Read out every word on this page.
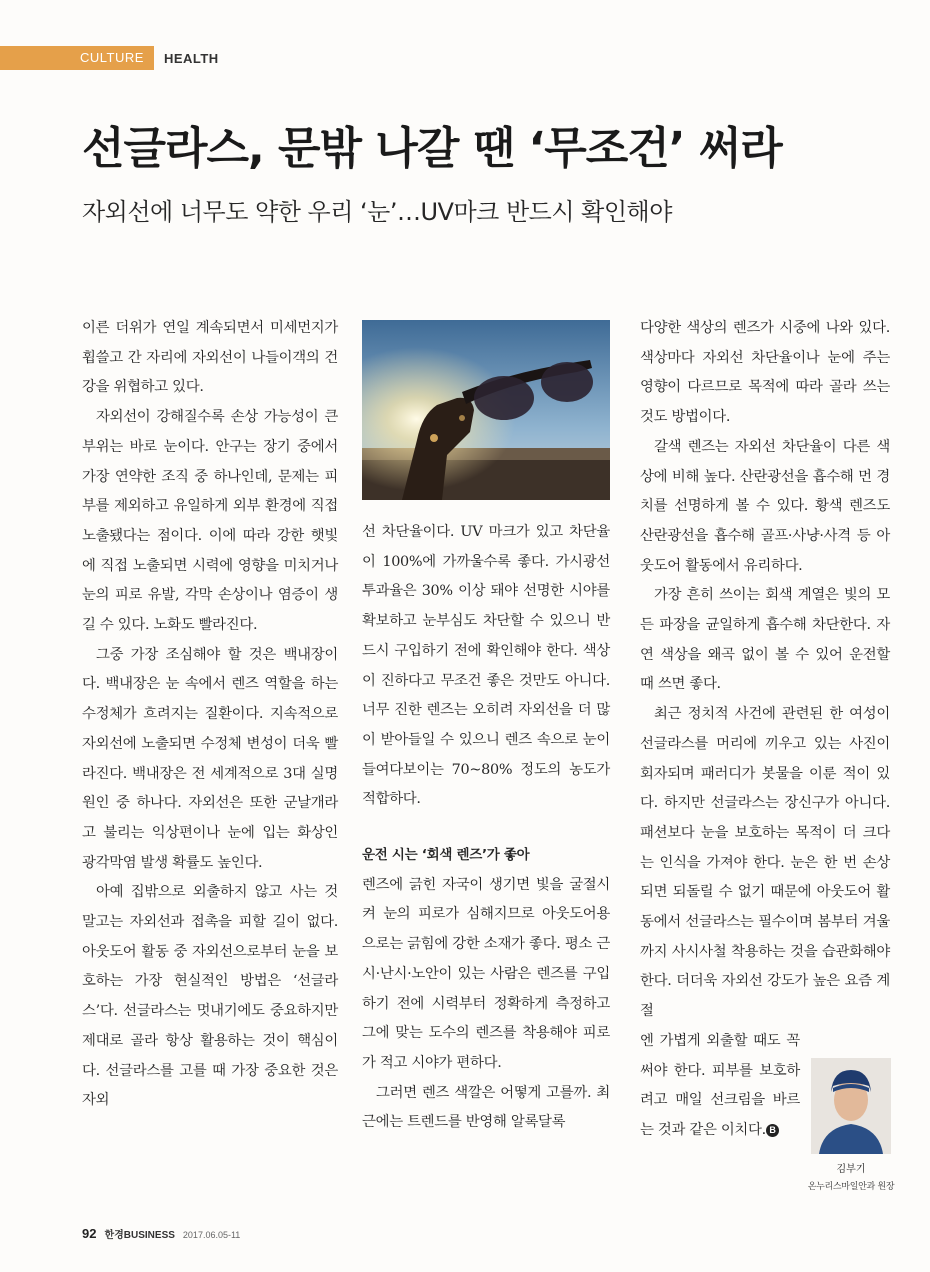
CULTURE	HEALTH
선글라스, 문밖 나갈 땐 ‘무조건’ 써라
자외선에 너무도 약한 우리 ‘눈’…UV마크 반드시 확인해야

이른 더위가 연일 계속되면서 미세먼지가 휩쓸고 간 자리에 자외선이 나들이객의 건강을 위협하고 있다.

자외선이 강해질수록 손상 가능성이 큰 부위는 바로 눈이다. 안구는 장기 중에서 가장 연약한 조직 중 하나인데, 문제는 피부를 제외하고 유일하게 외부 환경에 직접 노출됐다는 점이다. 이에 따라 강한 햇빛에 직접 노출되면 시력에 영향을 미치거나 눈의 피로 유발, 각막 손상이나 염증이 생길 수 있다. 노화도 빨라진다.

그중 가장 조심해야 할 것은 백내장이다. 백내장은 눈 속에서 렌즈 역할을 하는 수정체가 흐려지는 질환이다. 지속적으로 자외선에 노출되면 수정체 변성이 더욱 빨라진다. 백내장은 전 세계적으로 3대 실명 원인 중 하나다. 자외선은 또한 군날개라고 불리는 익상편이나 눈에 입는 화상인 광각막염 발생 확률도 높인다.

아예 집밖으로 외출하지 않고 사는 것 말고는 자외선과 접촉을 피할 길이 없다. 아웃도어 활동 중 자외선으로부터 눈을 보호하는 가장 현실적인 방법은 ‘선글라스’다. 선글라스는 멋내기에도 중요하지만 제대로 골라 항상 활용하는 것이 핵심이다. 선글라스를 고를 때 가장 중요한 것은 자외

선 차단율이다. UV 마크가 있고 차단율이 100%에 가까울수록 좋다. 가시광선 투과율은 30% 이상 돼야 선명한 시야를 확보하고 눈부심도 차단할 수 있으니 반드시 구입하기 전에 확인해야 한다. 색상이 진하다고 무조건 좋은 것만도 아니다. 너무 진한 렌즈는 오히려 자외선을 더 많이 받아들일 수 있으니 렌즈 속으로 눈이 들여다보이는 70~80% 정도의 농도가 적합하다.

운전 시는 ‘회색 렌즈’가 좋아

렌즈에 긁힌 자국이 생기면 빛을 굴절시켜 눈의 피로가 심해지므로 아웃도어용으로는 긁힘에 강한 소재가 좋다. 평소 근시·난시·노안이 있는 사람은 렌즈를 구입하기 전에 시력부터 정확하게 측정하고 그에 맞는 도수의 렌즈를 착용해야 피로가 적고 시야가 편하다.

그러면 렌즈 색깔은 어떻게 고를까. 최근에는 트렌드를 반영해 알록달록

다양한 색상의 렌즈가 시중에 나와 있다. 색상마다 자외선 차단율이나 눈에 주는 영향이 다르므로 목적에 따라 골라 쓰는 것도 방법이다.

갈색 렌즈는 자외선 차단율이 다른 색상에 비해 높다. 산란광선을 흡수해 먼 경치를 선명하게 볼 수 있다. 황색 렌즈도 산란광선을 흡수해 골프·사냥·사격 등 아웃도어 활동에서 유리하다.

가장 흔히 쓰이는 회색 계열은 빛의 모든 파장을 균일하게 흡수해 차단한다. 자연 색상을 왜곡 없이 볼 수 있어 운전할 때 쓰면 좋다.

최근 정치적 사건에 관련된 한 여성이 선글라스를 머리에 끼우고 있는 사진이 회자되며 패러디가 봇물을 이룬 적이 있다. 하지만 선글라스는 장신구가 아니다. 패션보다 눈을 보호하는 목적이 더 크다는 인식을 가져야 한다. 눈은 한 번 손상되면 되돌릴 수 없기 때문에 아웃도어 활동에서 선글라스는 필수이며 봄부터 겨울까지 사시사철 착용하는 것을 습관화해야 한다. 더더욱 자외선 강도가 높은 요즘 계절

엔 가볍게 외출할 때도 꼭 써야 한다. 피부를 보호하려고 매일 선크림을 바르는 것과 같은 이치다. B

김부기
온누리스마일안과 원장
92 한경BUSINESS 2017.06.05-11
